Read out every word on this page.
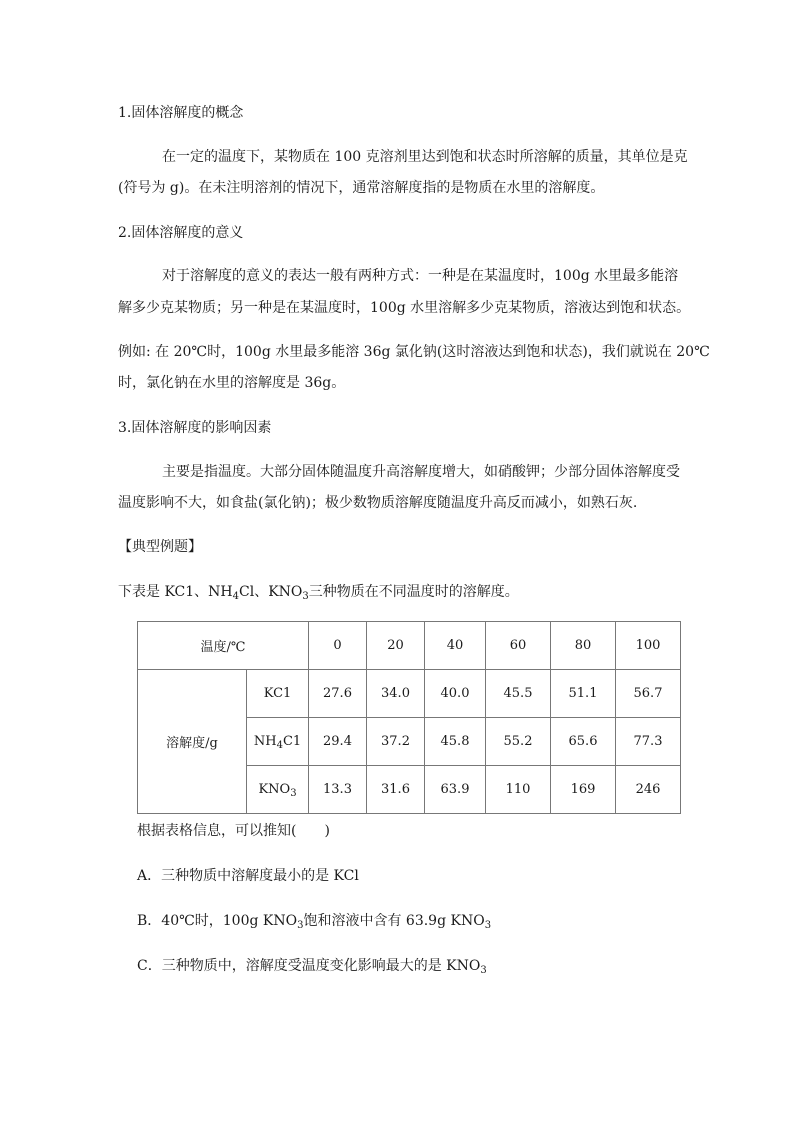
1.固体溶解度的概念
在一定的温度下，某物质在 100 克溶剂里达到饱和状态时所溶解的质量，其单位是克
(符号为 g)。在未注明溶剂的情况下，通常溶解度指的是物质在水里的溶解度。
2.固体溶解度的意义
对于溶解度的意义的表达一般有两种方式：一种是在某温度时，100g 水里最多能溶
解多少克某物质；另一种是在某温度时，100g 水里溶解多少克某物质，溶液达到饱和状态。
例如: 在 20℃时，100g 水里最多能溶 36g 氯化钠(这时溶液达到饱和状态)，我们就说在 20℃
时，氯化钠在水里的溶解度是 36g。
3.固体溶解度的影响因素
主要是指温度。大部分固体随温度升高溶解度增大，如硝酸钾；少部分固体溶解度受
温度影响不大，如食盐(氯化钠)；极少数物质溶解度随温度升高反而减小，如熟石灰.
【典型例题】
下表是 KC1、$NH_4Cl$、$KNO_3$三种物质在不同温度时的溶解度。
温度/℃		0	20	40	60	80	100
溶解度/g	KC1	27.6	34.0	40.0	45.5	51.1	56.7
	$NH_4C1$	29.4	37.2	45.8	55.2	65.6	77.3
	$KNO_3$	13.3	31.6	63.9	110	169	246
根据表格信息，可以推知(　　)
A．三种物质中溶解度最小的是 KCl
B．40℃时，100g $KNO_3$饱和溶液中含有 63.9g $KNO_3$
C．三种物质中，溶解度受温度变化影响最大的是 $KNO_3$
